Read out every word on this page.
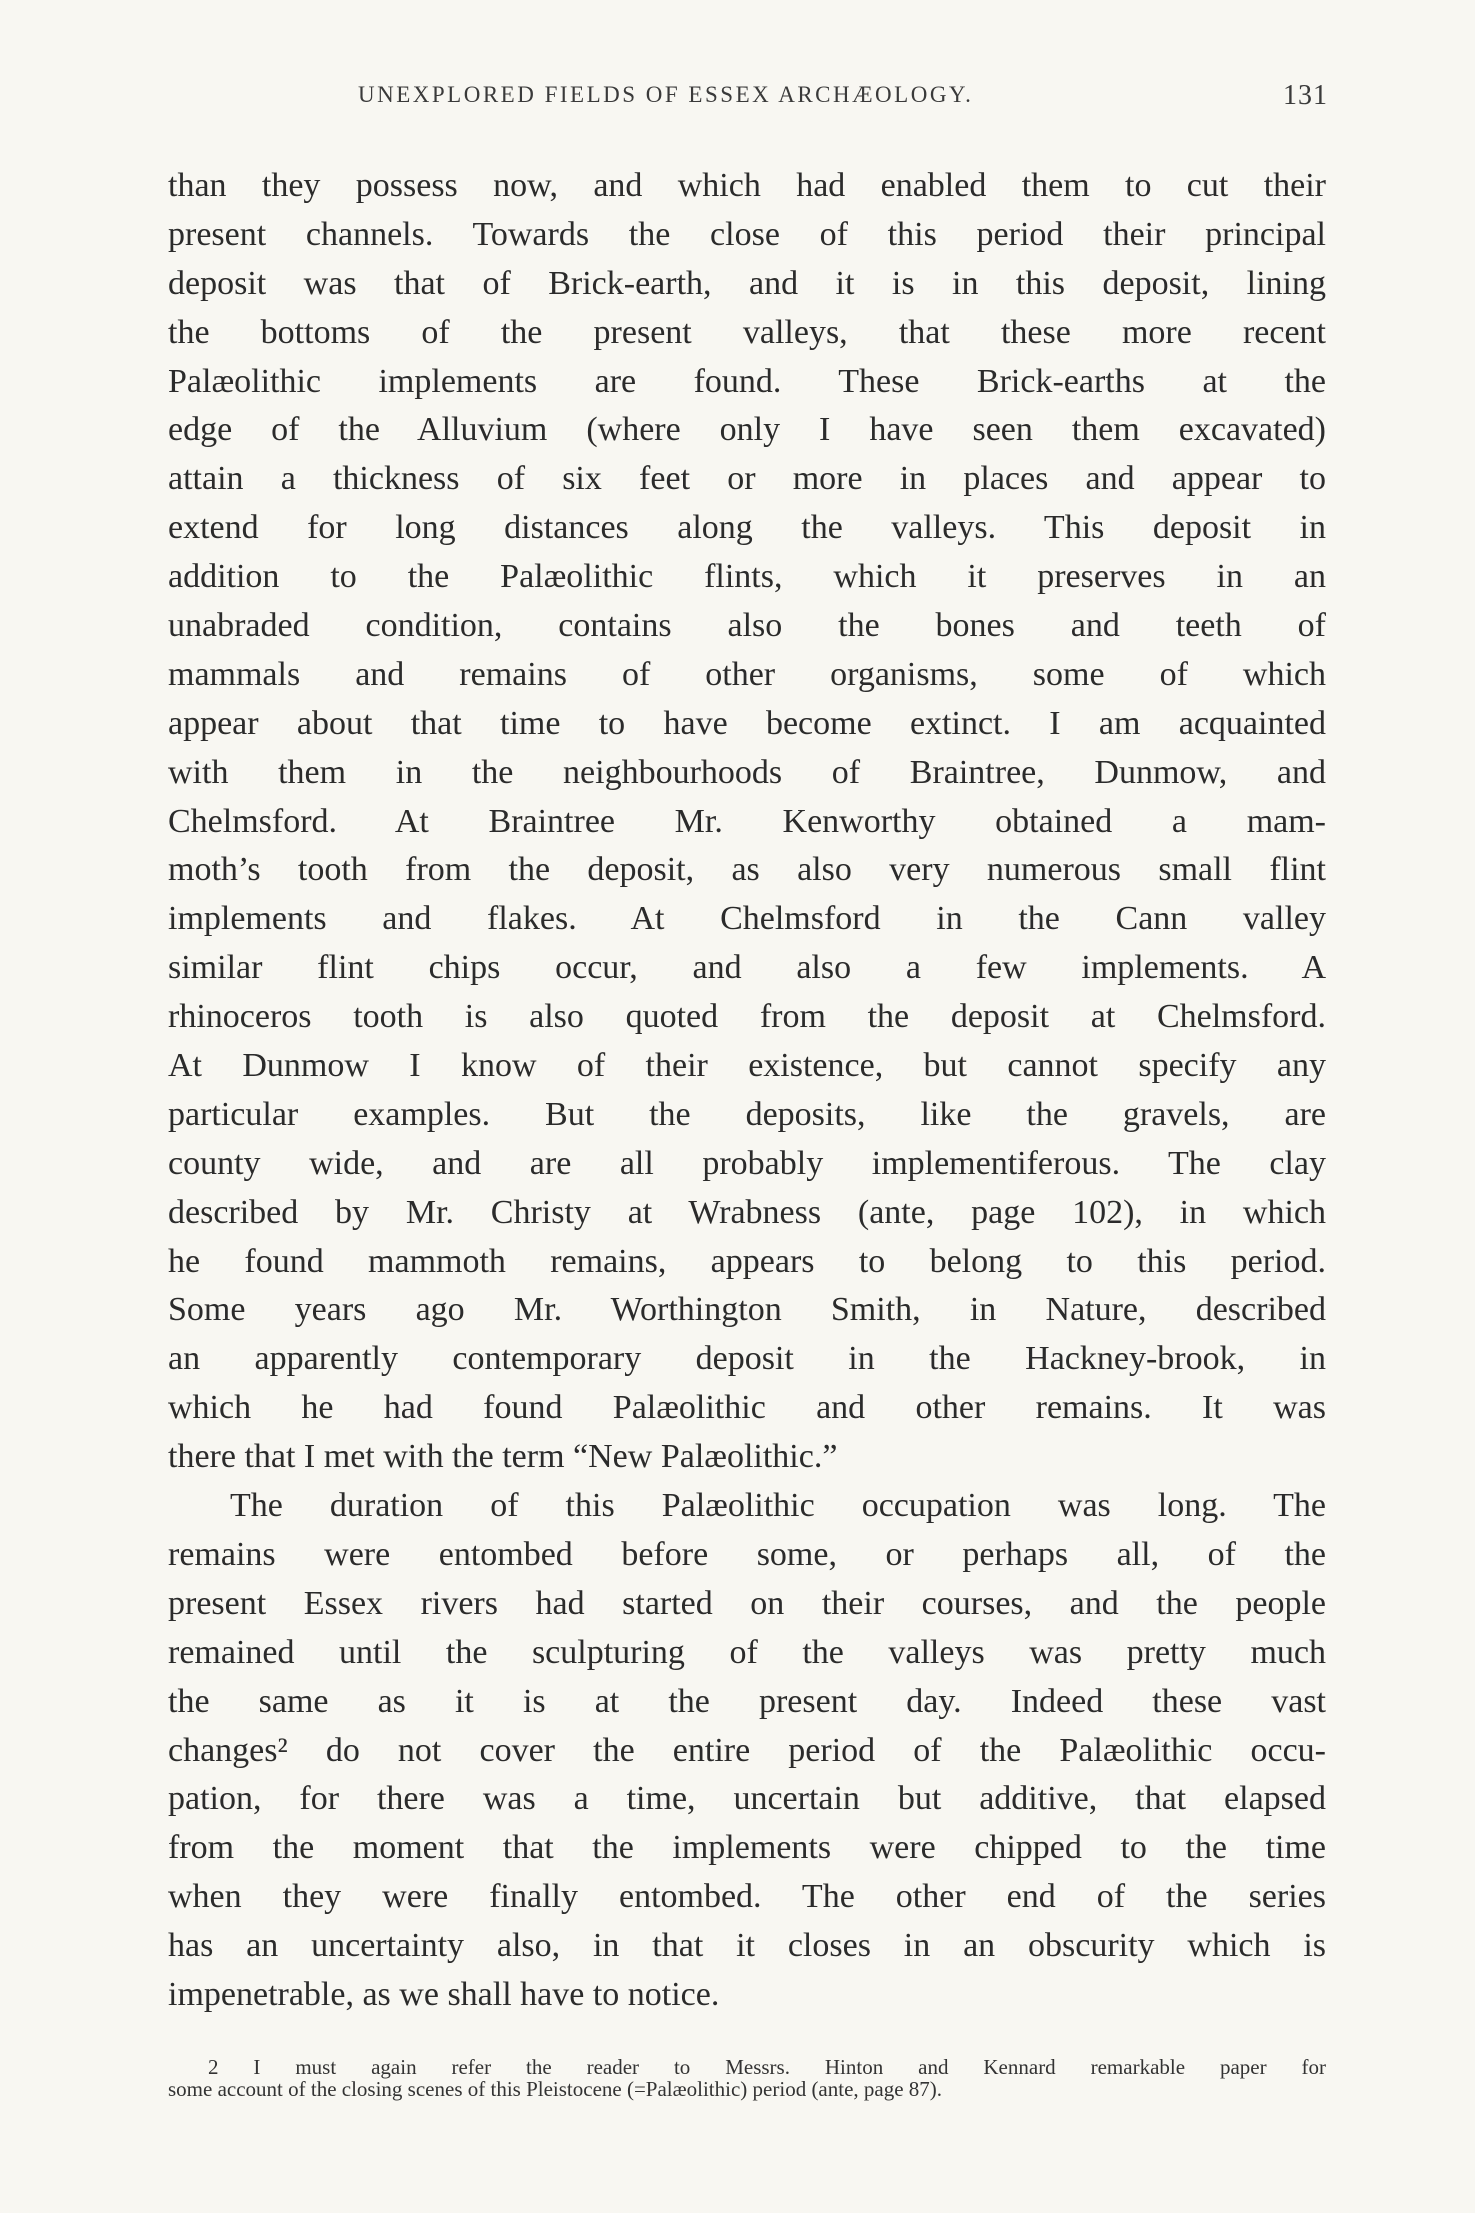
UNEXPLORED FIELDS OF ESSEX ARCHÆOLOGY.	131
than they possess now, and which had enabled them to cut their
present channels. Towards the close of this period their principal
deposit was that of Brick-earth, and it is in this deposit, lining
the bottoms of the present valleys, that these more recent
Palæolithic implements are found. These Brick-earths at the
edge of the Alluvium (where only I have seen them excavated)
attain a thickness of six feet or more in places and appear to
extend for long distances along the valleys. This deposit in
addition to the Palæolithic flints, which it preserves in an
unabraded condition, contains also the bones and teeth of
mammals and remains of other organisms, some of which
appear about that time to have become extinct. I am acquainted
with them in the neighbourhoods of Braintree, Dunmow, and
Chelmsford. At Braintree Mr. Kenworthy obtained a mam-
moth’s tooth from the deposit, as also very numerous small flint
implements and flakes. At Chelmsford in the Cann valley
similar flint chips occur, and also a few implements. A
rhinoceros tooth is also quoted from the deposit at Chelmsford.
At Dunmow I know of their existence, but cannot specify any
particular examples. But the deposits, like the gravels, are
county wide, and are all probably implementiferous. The clay
described by Mr. Christy at Wrabness (ante, page 102), in which
he found mammoth remains, appears to belong to this period.
Some years ago Mr. Worthington Smith, in Nature, described
an apparently contemporary deposit in the Hackney-brook, in
which he had found Palæolithic and other remains. It was
there that I met with the term “New Palæolithic.”
The duration of this Palæolithic occupation was long. The
remains were entombed before some, or perhaps all, of the
present Essex rivers had started on their courses, and the people
remained until the sculpturing of the valleys was pretty much
the same as it is at the present day. Indeed these vast
changes² do not cover the entire period of the Palæolithic occu-
pation, for there was a time, uncertain but additive, that elapsed
from the moment that the implements were chipped to the time
when they were finally entombed. The other end of the series
has an uncertainty also, in that it closes in an obscurity which is
impenetrable, as we shall have to notice.
2 I must again refer the reader to Messrs. Hinton and Kennard remarkable paper for
some account of the closing scenes of this Pleistocene (=Palæolithic) period (ante, page 87).
